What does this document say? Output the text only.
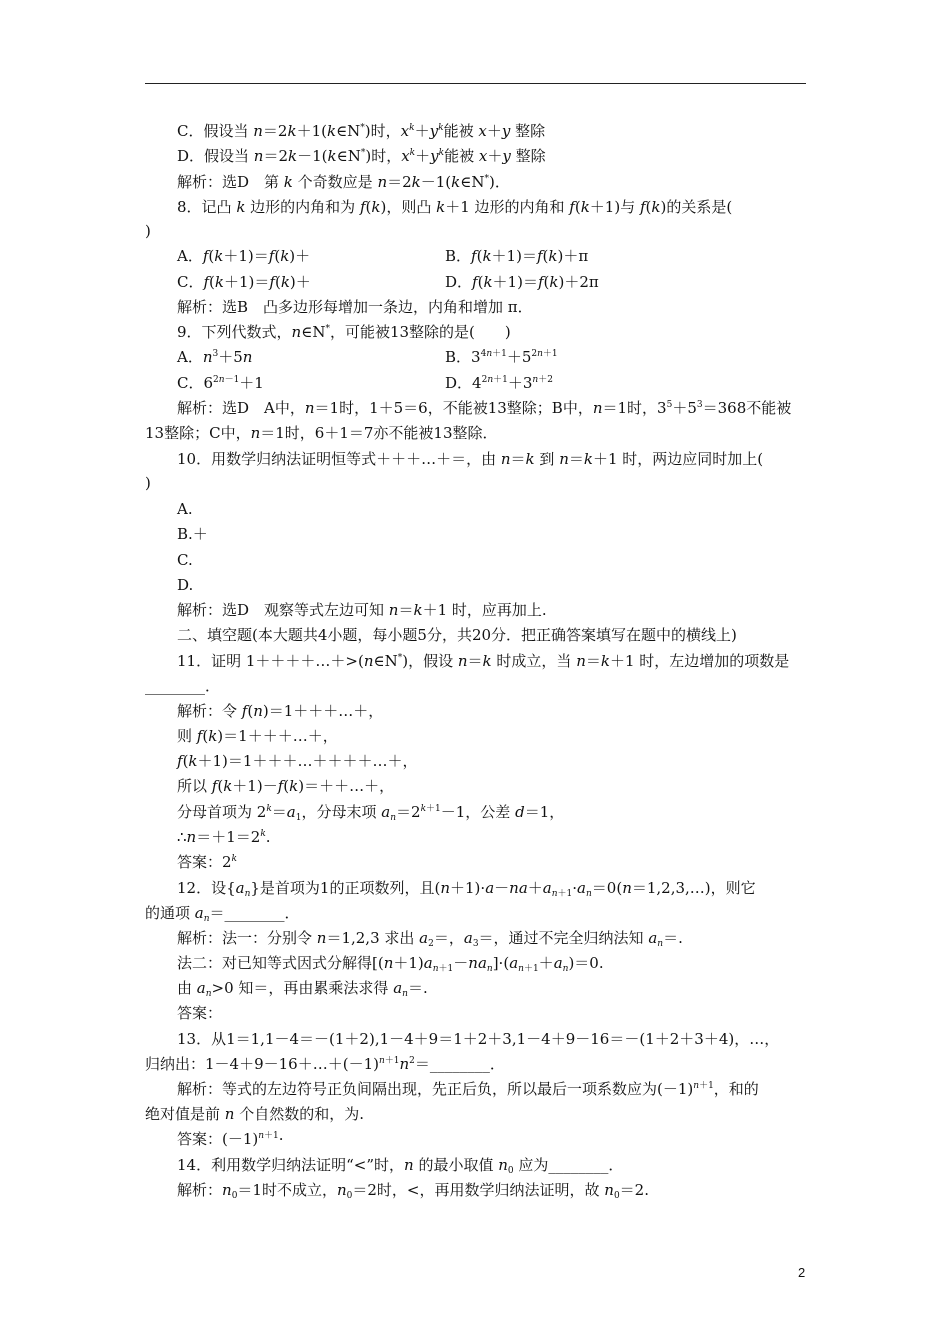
C．假设当 n＝2k＋1(k∈N*)时，$x^k+y^k$能被 x＋y 整除
D．假设当 n＝2k－1(k∈N*)时，$x^k+y^k$能被 x＋y 整除
解析：选D　第 k 个奇数应是 n＝2k－1(k∈N*)．
8．记凸 k 边形的内角和为 f(k)，则凸 k＋1 边形的内角和 f(k＋1)与 f(k)的关系是(
)
A．f(k＋1)＝f(k)＋	B．f(k＋1)＝f(k)＋π
C．f(k＋1)＝f(k)＋	D．f(k＋1)＝f(k)＋2π
解析：选B　凸多边形每增加一条边，内角和增加 π．
9．下列代数式，n∈N*，可能被13整除的是(　　)
A．$n^3+5n$	B．$3^{4n+1}+5^{2n+1}$
C．$6^{2n-1}+1$	D．$4^{2n+1}+3^{n+2}$
解析：选D　A中，n＝1时，1＋5＝6，不能被13整除；B中，n＝1时，$3^5+5^3=368$不能被
13整除；C中，n＝1时，6＋1＝7亦不能被13整除．
10．用数学归纳法证明恒等式＋＋＋…＋＝，由 n＝k 到 n＝k＋1 时，两边应同时加上(
)
A.
B.＋
C.
D.
解析：选D　观察等式左边可知 n＝k＋1 时，应再加上.
二、填空题(本大题共4小题，每小题5分，共20分．把正确答案填写在题中的横线上)
11．证明 1＋＋＋＋…＋>(n∈N*)，假设 n＝k 时成立，当 n＝k＋1 时，左边增加的项数是
________．
解析：令 f(n)＝1＋＋＋…＋，
则 f(k)＝1＋＋＋…＋，
f(k＋1)＝1＋＋＋…＋＋＋＋…＋，
所以 f(k＋1)－f(k)＝＋＋…＋，
分母首项为 $2^k=a_1$，分母末项 $a_n=2^{k+1}-1$，公差 d＝1，
$\therefore n=+1=2^k$.
答案：2$^k$
12．设$\{a_n\}$是首项为1的正项数列，且$(n+1)\cdot a-na+a_{n+1}\cdot a_n=0(n=1,2,3,\dots)$，则它
的通项 $a_n=\_\_\_\_\_\_\_\_$．
解析：法一：分别令 n＝1,2,3 求出 $a_2=$，$a_3=$，通过不完全归纳法知 $a_n=$.
法二：对已知等式因式分解得$[(n+1)a_{n+1}-na_n]\cdot(a_{n+1}+a_n)=0$.
由 $a_n>0$ 知＝，再由累乘法求得 $a_n=$.
答案：
13．从1＝1,1－4＝－(1＋2),1－4＋9＝1＋2＋3,1－4＋9－16＝－(1＋2＋3＋4)，…，
归纳出：$1-4+9-16+\dots+(-1)^{n+1}n^2=\_\_\_\_\_\_\_\_$．
解析：等式的左边符号正负间隔出现，先正后负，所以最后一项系数应为$(-1)^{n+1}$，和的
绝对值是前 n 个自然数的和，为.
答案：$(-1)^{n+1}\cdot$
14．利用数学归纳法证明“<”时，n 的最小取值 $n_0$ 应为________．
解析：$n_0=1$时不成立，$n_0=2$时，<，再用数学归纳法证明，故 $n_0=2$.
2
